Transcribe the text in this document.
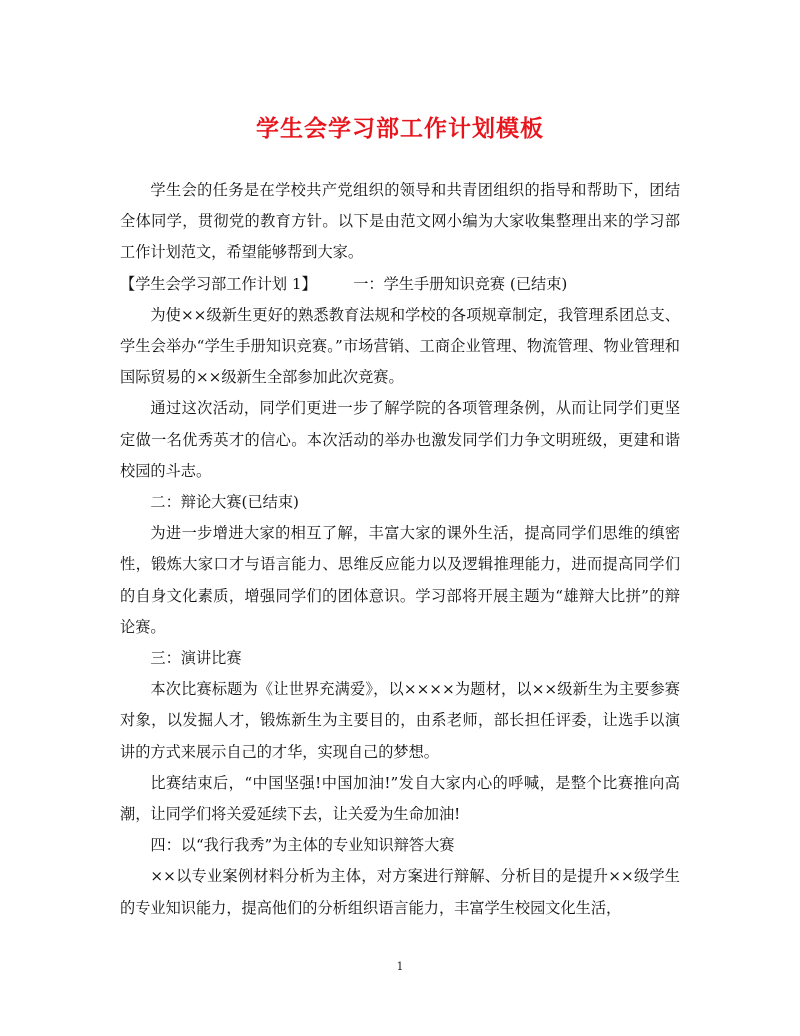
学生会学习部工作计划模板

学生会的任务是在学校共产党组织的领导和共青团组织的指导和帮助下，团结全体同学，贯彻党的教育方针。以下是由范文网小编为大家收集整理出来的学习部工作计划范文，希望能够帮到大家。

【学生会学习部工作计划 1】 一：学生手册知识竞赛 (已结束)

为使××级新生更好的熟悉教育法规和学校的各项规章制定，我管理系团总支、学生会举办“学生手册知识竞赛。”市场营销、工商企业管理、物流管理、物业管理和国际贸易的××级新生全部参加此次竞赛。

通过这次活动，同学们更进一步了解学院的各项管理条例，从而让同学们更坚定做一名优秀英才的信心。本次活动的举办也激发同学们力争文明班级，更建和谐校园的斗志。

二：辩论大赛(已结束)

为进一步增进大家的相互了解，丰富大家的课外生活，提高同学们思维的缜密性，锻炼大家口才与语言能力、思维反应能力以及逻辑推理能力，进而提高同学们的自身文化素质，增强同学们的团体意识。学习部将开展主题为“雄辩大比拼”的辩论赛。

三：演讲比赛

本次比赛标题为《让世界充满爱》，以××××为题材，以××级新生为主要参赛对象，以发掘人才，锻炼新生为主要目的，由系老师，部长担任评委，让选手以演讲的方式来展示自己的才华，实现自己的梦想。

比赛结束后，“中国坚强!中国加油!”发自大家内心的呼喊，是整个比赛推向高潮，让同学们将关爱延续下去，让关爱为生命加油!

四：以“我行我秀”为主体的专业知识辩答大赛

××以专业案例材料分析为主体，对方案进行辩解、分析目的是提升××级学生的专业知识能力，提高他们的分析组织语言能力，丰富学生校园文化生活，

1
